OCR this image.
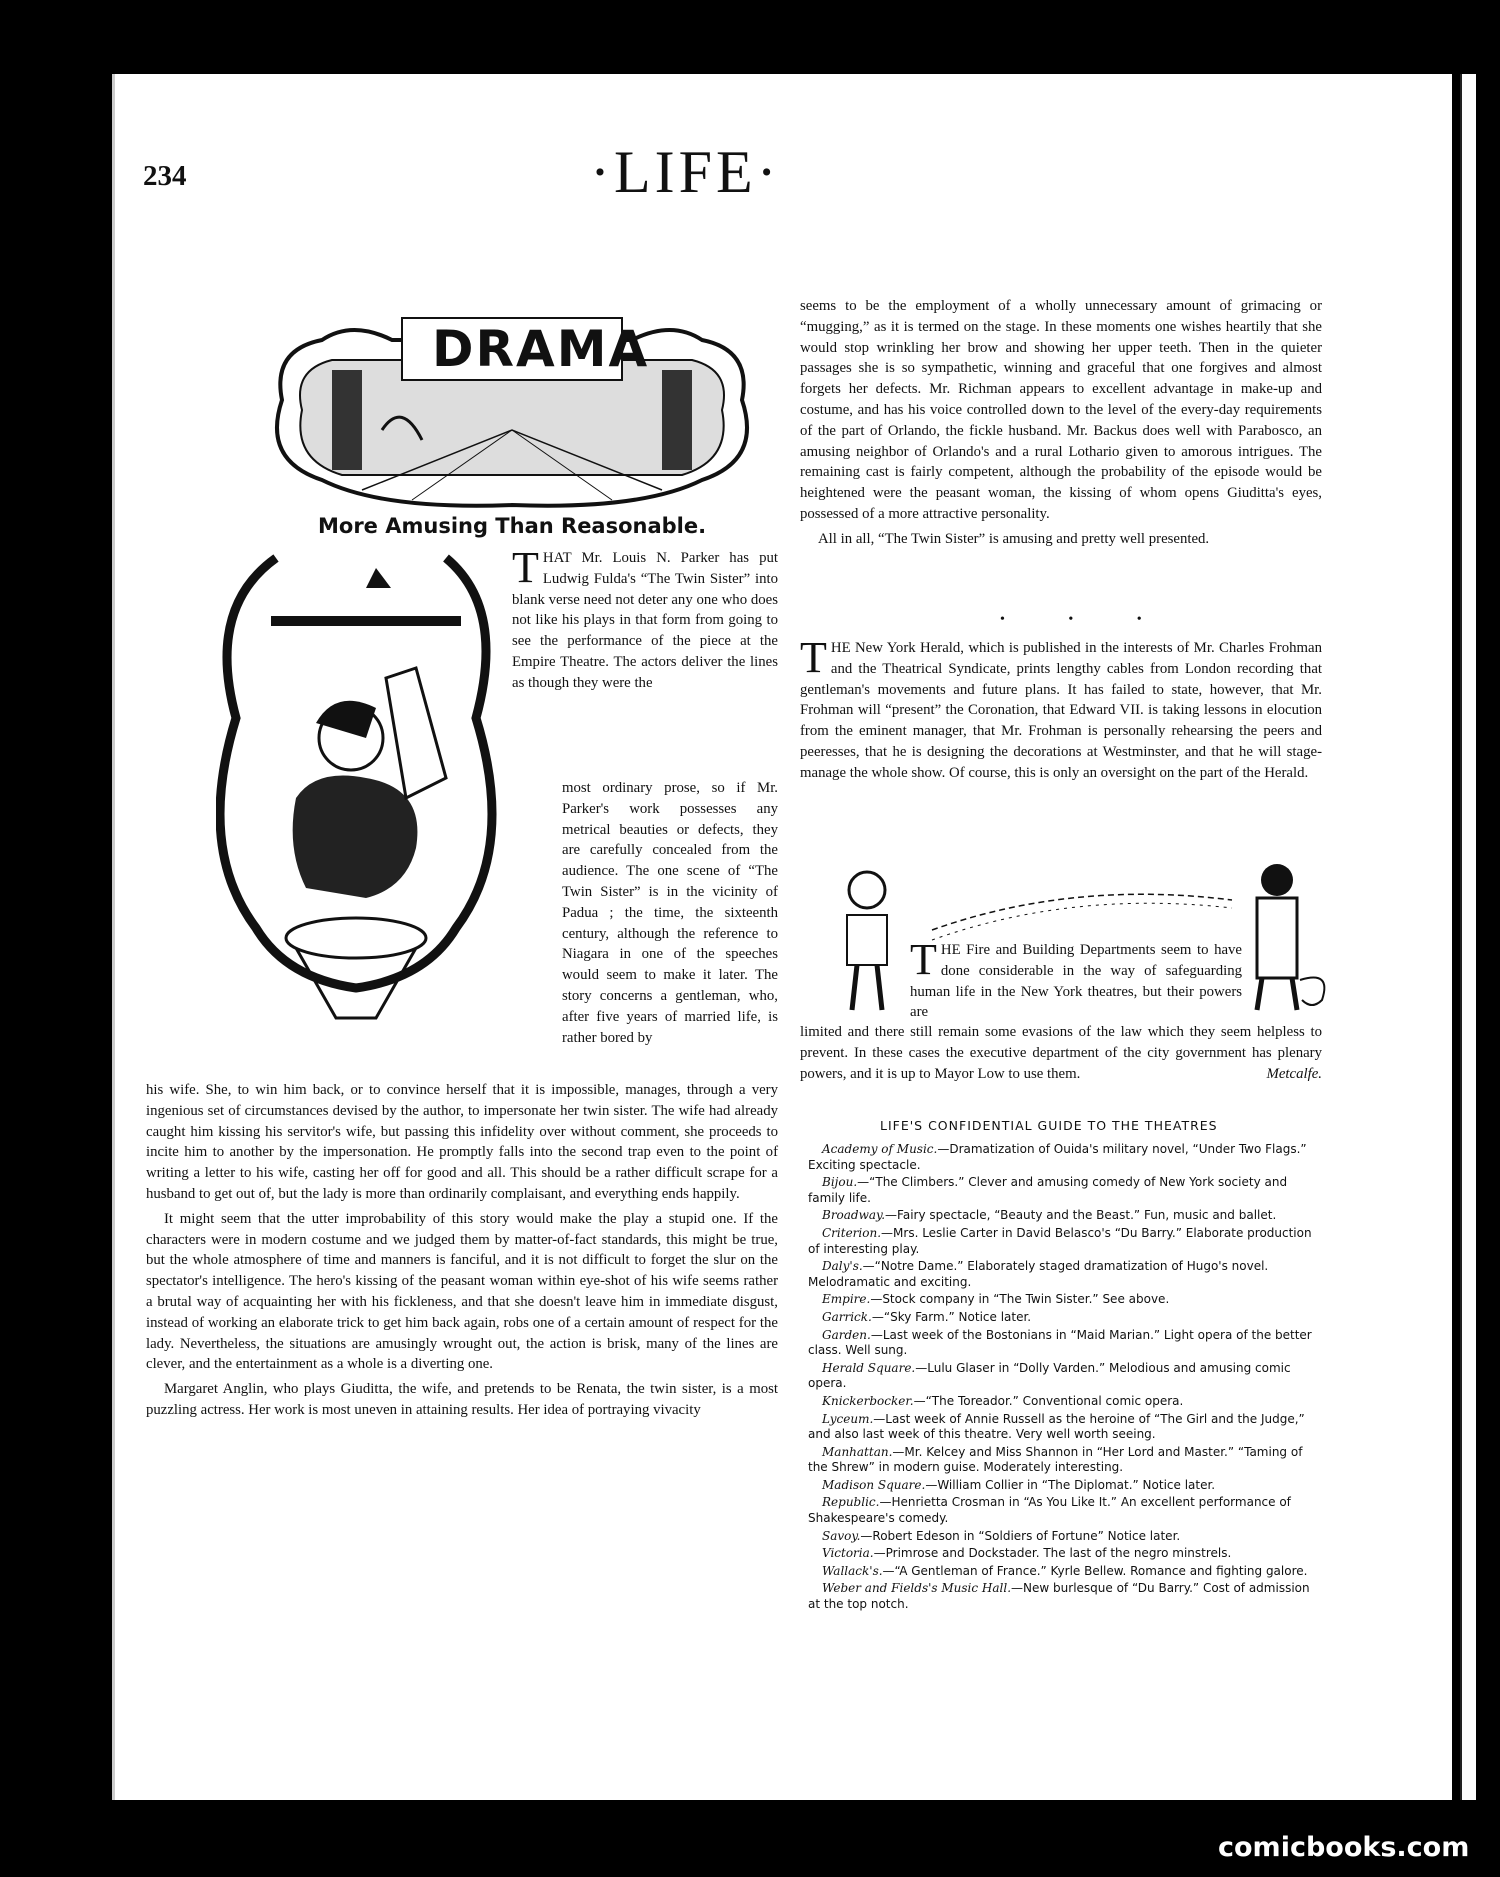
234	·LIFE·
DRAMA
More Amusing Than Reasonable.
THAT Mr. Louis N. Parker has put Ludwig Fulda's “The Twin Sister” into blank verse need not deter any one who does not like his plays in that form from going to see the performance of the piece at the Empire Theatre. The actors deliver the lines as though they were the
most ordinary prose, so if Mr. Parker's work possesses any metrical beauties or defects, they are carefully concealed from the audience. The one scene of “The Twin Sister” is in the vicinity of Padua ; the time, the sixteenth century, although the reference to Niagara in one of the speeches would seem to make it later. The story concerns a gentleman, who, after five years of married life, is rather bored by

his wife. She, to win him back, or to convince herself that it is impossible, manages, through a very ingenious set of circumstances devised by the author, to impersonate her twin sister. The wife had already caught him kissing his servitor's wife, but passing this infidelity over without comment, she proceeds to incite him to another by the impersonation. He promptly falls into the second trap even to the point of writing a letter to his wife, casting her off for good and all. This should be a rather difficult scrape for a husband to get out of, but the lady is more than ordinarily complaisant, and everything ends happily.

It might seem that the utter improbability of this story would make the play a stupid one. If the characters were in modern costume and we judged them by matter-of-fact standards, this might be true, but the whole atmosphere of time and manners is fanciful, and it is not difficult to forget the slur on the spectator's intelligence. The hero's kissing of the peasant woman within eye-shot of his wife seems rather a brutal way of acquainting her with his fickleness, and that she doesn't leave him in immediate disgust, instead of working an elaborate trick to get him back again, robs one of a certain amount of respect for the lady. Nevertheless, the situations are amusingly wrought out, the action is brisk, many of the lines are clever, and the entertainment as a whole is a diverting one.

Margaret Anglin, who plays Giuditta, the wife, and pretends to be Renata, the twin sister, is a most puzzling actress. Her work is most uneven in attaining results. Her idea of portraying vivacity

seems to be the employment of a wholly unnecessary amount of grimacing or “mugging,” as it is termed on the stage. In these moments one wishes heartily that she would stop wrinkling her brow and showing her upper teeth. Then in the quieter passages she is so sympathetic, winning and graceful that one forgives and almost forgets her defects. Mr. Richman appears to excellent advantage in make-up and costume, and has his voice controlled down to the level of the every-day requirements of the part of Orlando, the fickle husband. Mr. Backus does well with Parabosco, an amusing neighbor of Orlando's and a rural Lothario given to amorous intrigues. The remaining cast is fairly competent, although the probability of the episode would be heightened were the peasant woman, the kissing of whom opens Giuditta's eyes, possessed of a more attractive personality.

All in all, “The Twin Sister” is amusing and pretty well presented.

• • •
THE New York Herald, which is published in the interests of Mr. Charles Frohman and the Theatrical Syndicate, prints lengthy cables from London recording that gentleman's movements and future plans. It has failed to state, however, that Mr. Frohman will “present” the Coronation, that Edward VII. is taking lessons in elocution from the eminent manager, that Mr. Frohman is personally rehearsing the peers and peeresses, that he is designing the decorations at Westminster, and that he will stage-manage the whole show. Of course, this is only an oversight on the part of the Herald.
THE Fire and Building Departments seem to have done considerable in the way of safeguarding human life in the New York theatres, but their powers are
limited and there still remain some evasions of the law which they seem helpless to prevent. In these cases the executive department of the city government has plenary powers, and it is up to Mayor Low to use them.	Metcalfe.
LIFE'S CONFIDENTIAL GUIDE TO THE THEATRES
Academy of Music.—Dramatization of Ouida's military novel, “Under Two Flags.” Exciting spectacle.
Bijou.—“The Climbers.” Clever and amusing comedy of New York society and family life.
Broadway.—Fairy spectacle, “Beauty and the Beast.” Fun, music and ballet.
Criterion.—Mrs. Leslie Carter in David Belasco's “Du Barry.” Elaborate production of interesting play.
Daly's.—“Notre Dame.” Elaborately staged dramatization of Hugo's novel. Melodramatic and exciting.
Empire.—Stock company in “The Twin Sister.” See above.
Garrick.—“Sky Farm.” Notice later.
Garden.—Last week of the Bostonians in “Maid Marian.” Light opera of the better class. Well sung.
Herald Square.—Lulu Glaser in “Dolly Varden.” Melodious and amusing comic opera.
Knickerbocker.—“The Toreador.” Conventional comic opera.
Lyceum.—Last week of Annie Russell as the heroine of “The Girl and the Judge,” and also last week of this theatre. Very well worth seeing.
Manhattan.—Mr. Kelcey and Miss Shannon in “Her Lord and Master.” “Taming of the Shrew” in modern guise. Moderately interesting.
Madison Square.—William Collier in “The Diplomat.” Notice later.
Republic.—Henrietta Crosman in “As You Like It.” An excellent performance of Shakespeare's comedy.
Savoy.—Robert Edeson in “Soldiers of Fortune” Notice later.
Victoria.—Primrose and Dockstader. The last of the negro minstrels.
Wallack's.—“A Gentleman of France.” Kyrle Bellew. Romance and fighting galore.
Weber and Fields's Music Hall.—New burlesque of “Du Barry.” Cost of admission at the top notch.
comicbooks.com
